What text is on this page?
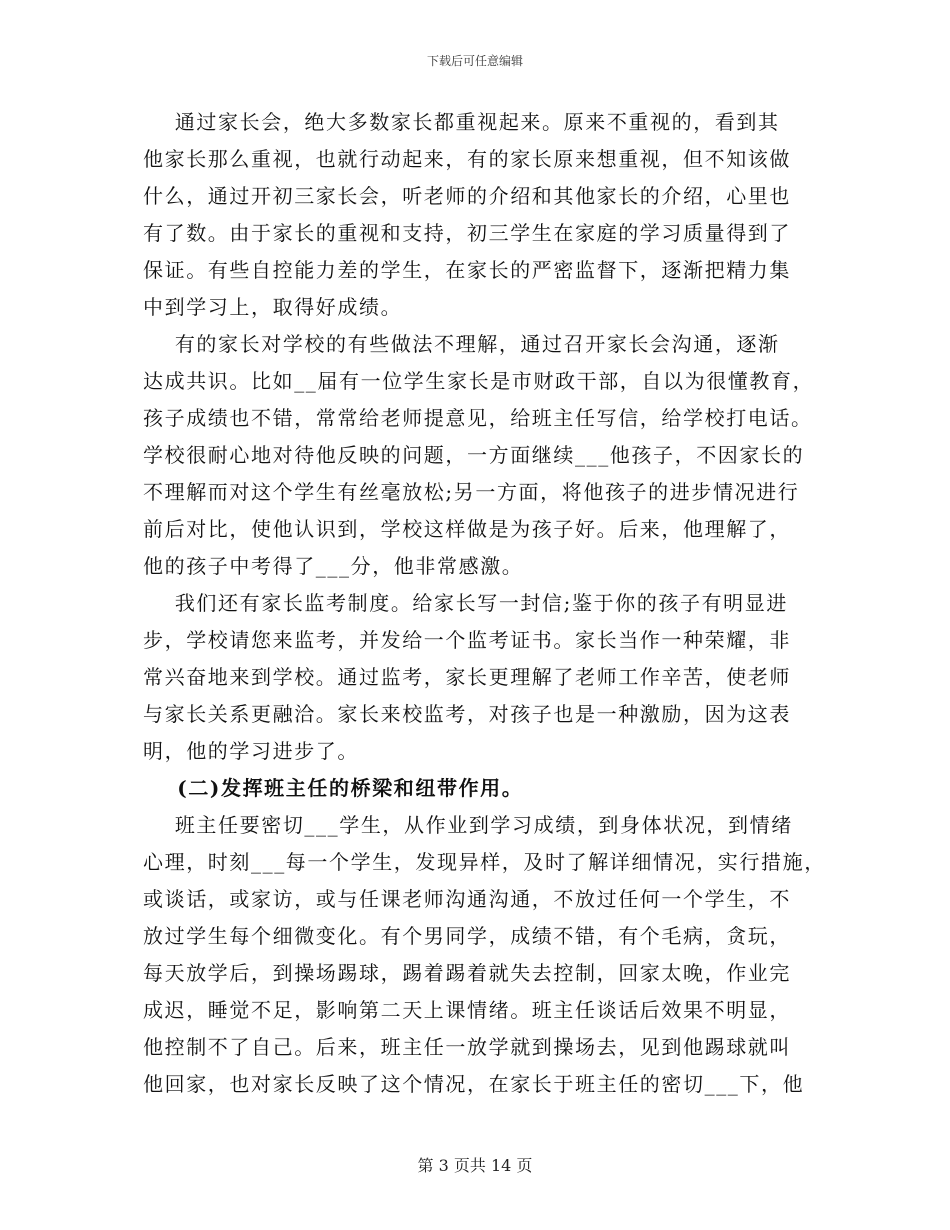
下载后可任意编辑
通过家长会，绝大多数家长都重视起来。原来不重视的，看到其
他家长那么重视，也就行动起来，有的家长原来想重视，但不知该做
什么，通过开初三家长会，听老师的介绍和其他家长的介绍，心里也
有了数。由于家长的重视和支持，初三学生在家庭的学习质量得到了
保证。有些自控能力差的学生，在家长的严密监督下，逐渐把精力集
中到学习上，取得好成绩。
有的家长对学校的有些做法不理解，通过召开家长会沟通，逐渐
达成共识。比如__届有一位学生家长是市财政干部，自以为很懂教育，
孩子成绩也不错，常常给老师提意见，给班主任写信，给学校打电话。
学校很耐心地对待他反映的问题，一方面继续___他孩子，不因家长的
不理解而对这个学生有丝毫放松;另一方面，将他孩子的进步情况进行
前后对比，使他认识到，学校这样做是为孩子好。后来，他理解了，
他的孩子中考得了___分，他非常感激。
我们还有家长监考制度。给家长写一封信;鉴于你的孩子有明显进
步，学校请您来监考，并发给一个监考证书。家长当作一种荣耀，非
常兴奋地来到学校。通过监考，家长更理解了老师工作辛苦，使老师
与家长关系更融洽。家长来校监考，对孩子也是一种激励，因为这表
明，他的学习进步了。
(二)发挥班主任的桥梁和纽带作用。
班主任要密切___学生，从作业到学习成绩，到身体状况，到情绪
心理，时刻___每一个学生，发现异样，及时了解详细情况，实行措施，
或谈话，或家访，或与任课老师沟通沟通，不放过任何一个学生，不
放过学生每个细微变化。有个男同学，成绩不错，有个毛病，贪玩，
每天放学后，到操场踢球，踢着踢着就失去控制，回家太晚，作业完
成迟，睡觉不足，影响第二天上课情绪。班主任谈话后效果不明显，
他控制不了自己。后来，班主任一放学就到操场去，见到他踢球就叫
他回家，也对家长反映了这个情况，在家长于班主任的密切___下，他
第 3 页共 14 页
